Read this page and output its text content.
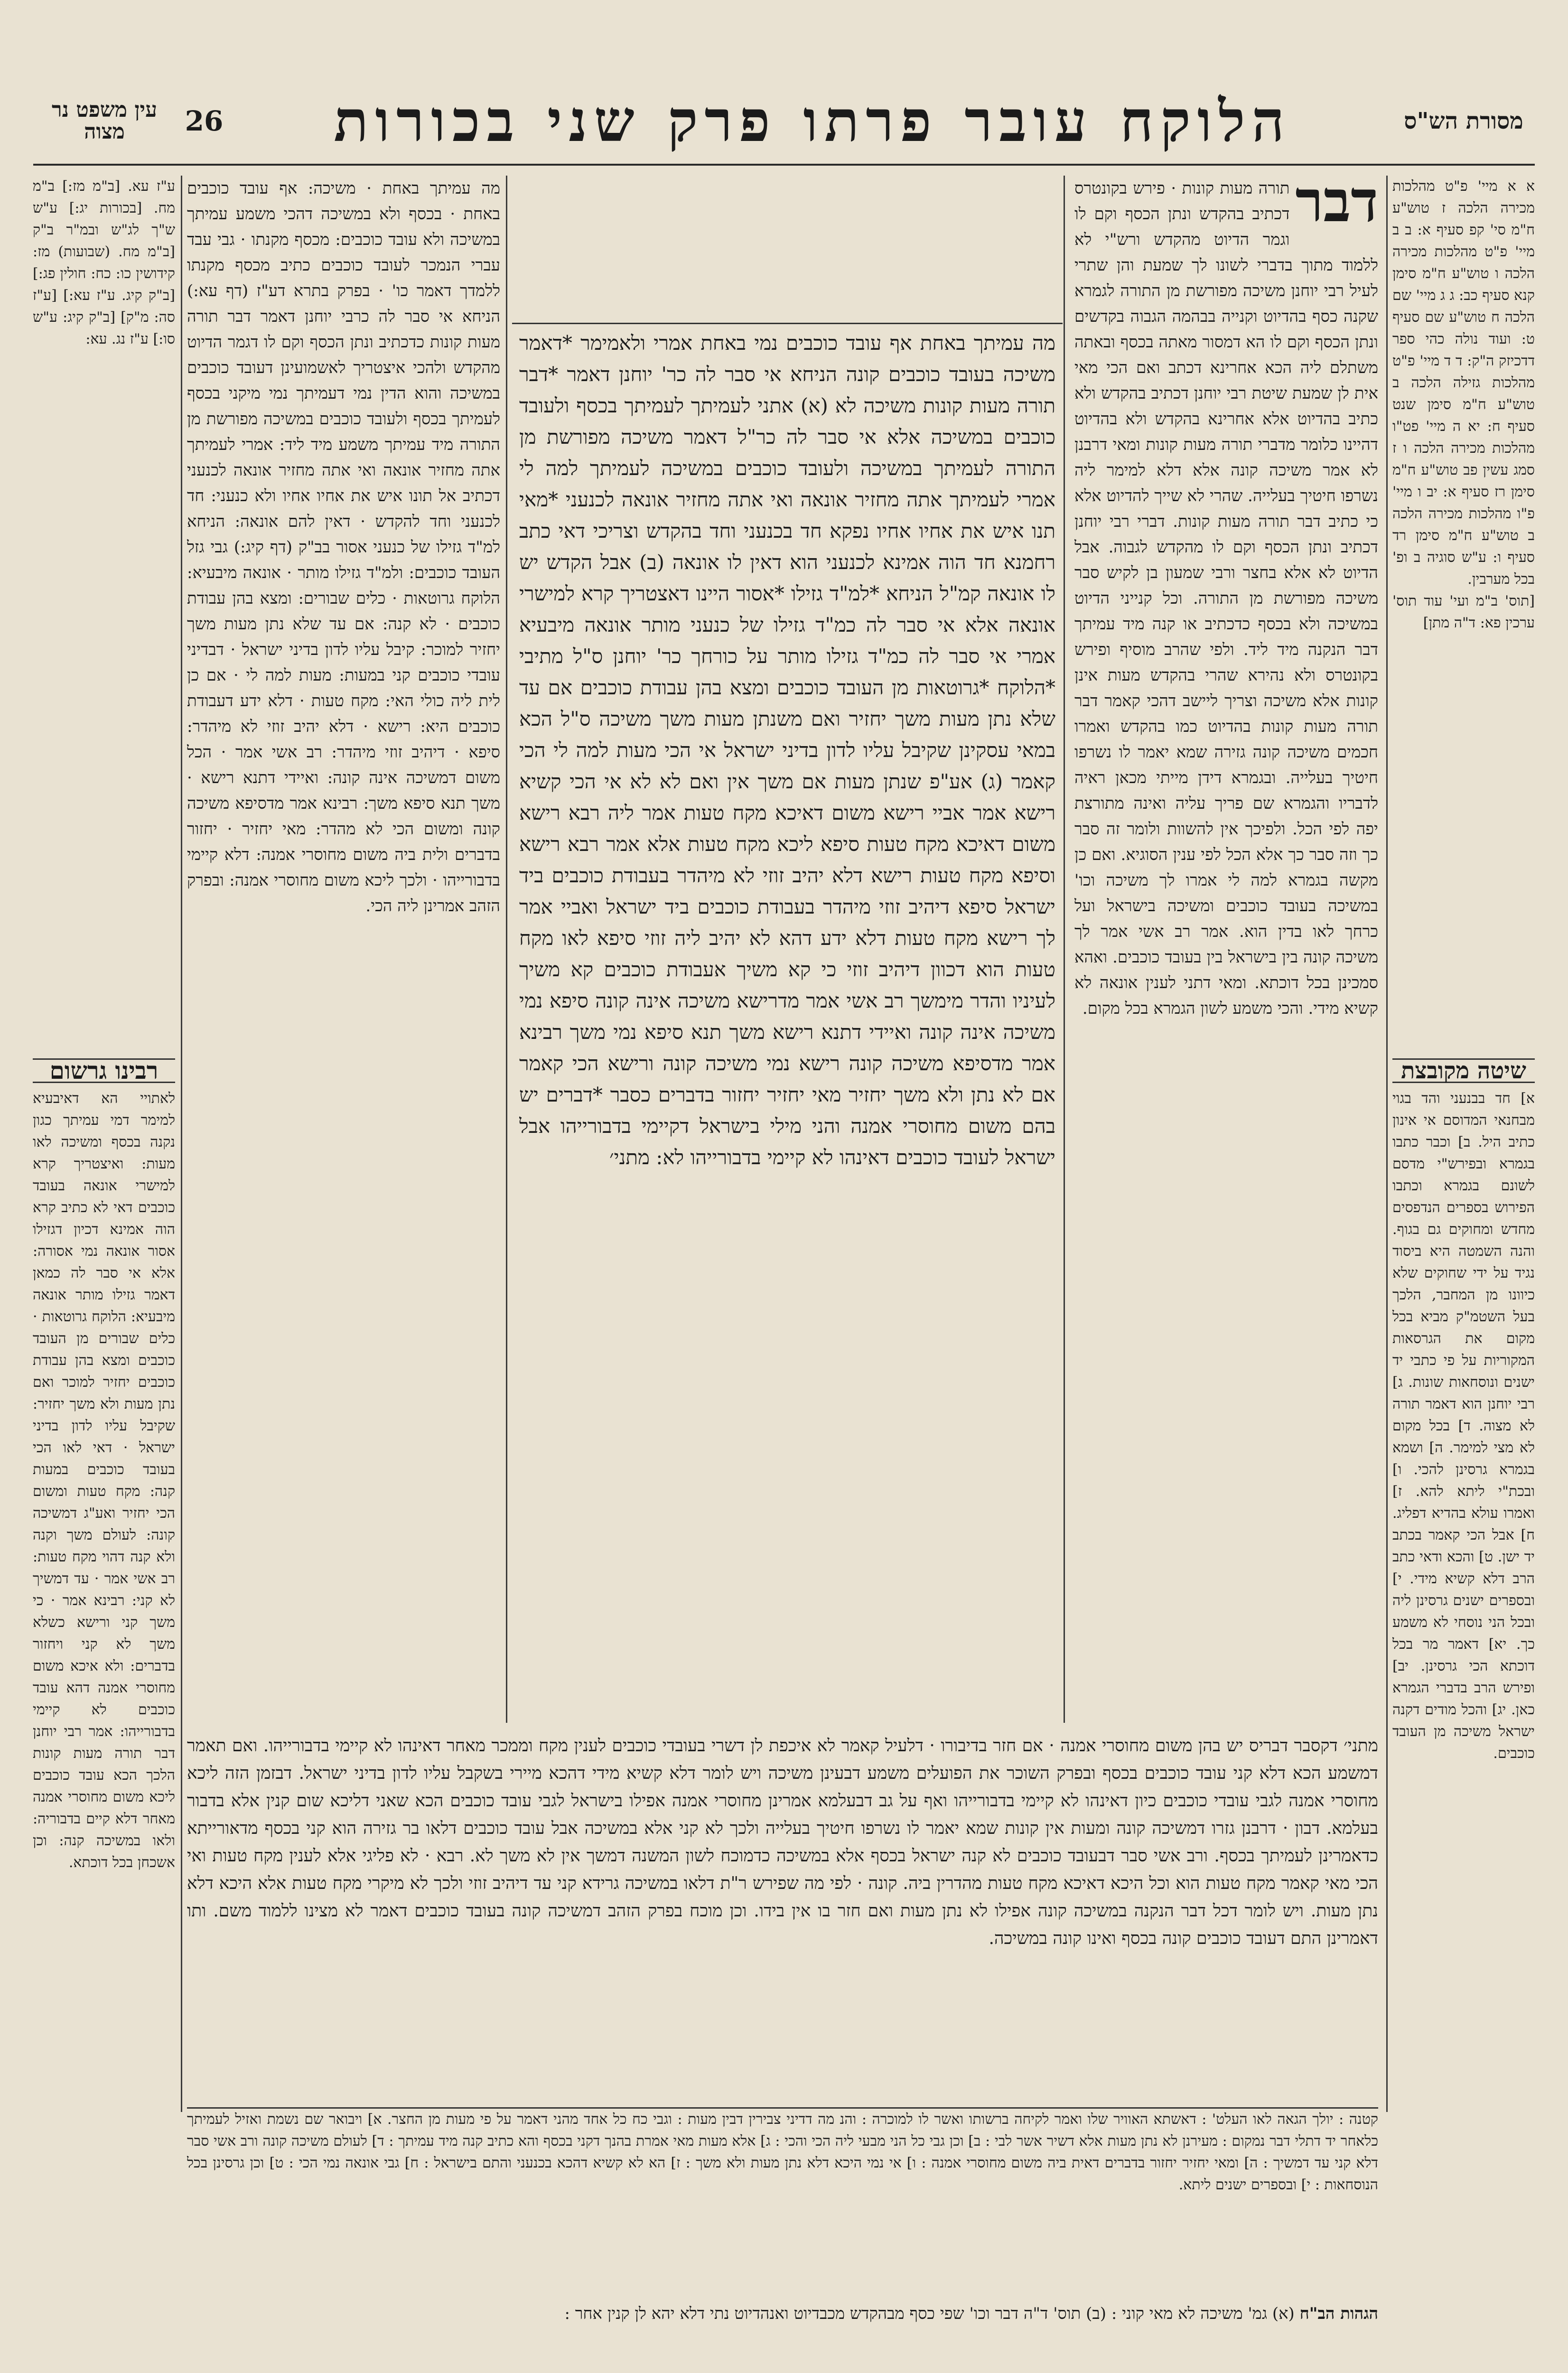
מסורת הש"ס
הלוקח עובר פרתו פרק שני בכורות
26
עין משפט נר מצוה
א א מיי' פ"ט מהלכות מכירה הלכה ז טוש"ע ח"מ סי' קפ סעיף א: ב ב מיי' פ"ט מהלכות מכירה הלכה ו טוש"ע ח"מ סימן קנא סעיף כב: ג ג מיי' שם הלכה ח טוש"ע שם סעיף ט: ועוד נולה כהי ספר דדכיזק ה"ק: ד ד מיי' פ"ט מהלכות גזילה הלכה ב טוש"ע ח"מ סימן שנט סעיף ח: יא ה מיי' פט"ו מהלכות מכירה הלכה ו ז סמג עשין פב טוש"ע ח"מ סימן רז סעיף א: יב ו מיי' פ"ו מהלכות מכירה הלכה ב טוש"ע ח"מ סימן רד סעיף ו: ע"ש סוגיה ב ופ' בכל מערבין.
[תוס' ב"מ ועי' עוד תוס' ערכין פא: ד"ה מתן]
שיטה מקובצת
א] חד בבנעני והד בגוי מבחנאי המדוסם אי אינון כתיב היל. ב] וכבר כתבו בגמרא ובפירש"י מדסם לשונם בגמרא וכתבו הפירוש בספרים הנדפסים מחדש ומחוקים גם בגוף. והנה השמטה היא ביסוד נגיד על ידי שחוקים שלא כיוונו מן המחבר, הלכך בעל השטמ"ק מביא בכל מקום את הגרסאות המקוריות על פי כתבי יד ישנים ונוסחאות שונות. ג] רבי יוחנן הוא דאמר תורה לא מצוה. ד] בכל מקום לא מצי למימר. ה] ושמא בגמרא גרסינן להכי. ו] ובכת"י ליתא להא. ז] ואמרו עולא בהדיא דפליג. ח] אבל הכי קאמר בכתב יד ישן. ט] והכא ודאי כתב הרב דלא קשיא מידי. י] ובספרים ישנים גרסינן ליה ובכל הני נוסחי לא משמע כך. יא] דאמר מר בכל דוכתא הכי גרסינן. יב] ופירש הרב בדברי הגמרא כאן. יג] והכל מודים דקנה ישראל משיכה מן העובד כוכבים.
דבר
תורה מעות קונות · פירש בקונטרס דכתיב בהקדש ונתן הכסף וקם לו וגמר הדיוט מהקדש ורש"י לא ללמוד מתוך בדברי לשונו לך שמעת והן שתרי לעיל רבי יוחנן משיכה מפורשת מן התורה לגמרא שקנה כסף בהדיוט וקנייה בבהמה הגבוה בקדשים ונתן הכסף וקם לו הא דמסור מאתה בכסף ובאתה משתלם ליה הכא אחרינא דכתב ואם הכי מאי אית לן שמעת שיטת רבי יוחנן דכתיב בהקדש ולא כתיב בהדיוט אלא אחרינא בהקדש ולא בהדיוט דהיינו כלומר מדברי תורה מעות קונות ומאי דרבנן לא אמר משיכה קונה אלא דלא למימר ליה נשרפו חיטיך בעלייה. שהרי לא שייך להדיוט אלא כי כתיב דבר תורה מעות קונות. דברי רבי יוחנן דכתיב ונתן הכסף וקם לו מהקדש לגבוה. אבל הדיוט לא אלא בחצר ורבי שמעון בן לקיש סבר משיכה מפורשת מן התורה. וכל קנייני הדיוט במשיכה ולא בכסף כדכתיב או קנה מיד עמיתך דבר הנקנה מיד ליד. ולפי שהרב מוסיף ופירש בקונטרס ולא נהירא שהרי בהקדש מעות אינן קונות אלא משיכה וצריך ליישב דהכי קאמר דבר תורה מעות קונות בהדיוט כמו בהקדש ואמרו חכמים משיכה קונה גזירה שמא יאמר לו נשרפו חיטיך בעלייה. ובגמרא דידן מייתי מכאן ראיה לדבריו והגמרא שם פריך עליה ואינה מתורצת יפה לפי הכל. ולפיכך אין להשוות ולומר זה סבר כך וזה סבר כך אלא הכל לפי ענין הסוגיא. ואם כן מקשה בגמרא למה לי אמרו לך משיכה וכו' במשיכה בעובד כוכבים ומשיכה בישראל ועל כרחך לאו בדין הוא. אמר רב אשי אמר לך משיכה קונה בין בישראל בין בעובד כוכבים. ואהא סמכינן בכל דוכתא. ומאי דתני לענין אונאה לא קשיא מידי. והכי משמע לשון הגמרא בכל מקום.
מה עמיתך באחת אף עובד כוכבים נמי באחת אמרי ולאמימר *דאמר משיכה בעובד כוכבים קונה הניחא אי סבר לה כר' יוחנן דאמר *דבר תורה מעות קונות משיכה לא (א) אתני לעמיתך לעמיתך בכסף ולעובד כוכבים במשיכה אלא אי סבר לה כר"ל דאמר משיכה מפורשת מן התורה לעמיתך במשיכה ולעובד כוכבים במשיכה לעמיתך למה לי אמרי לעמיתך אתה מחזיר אונאה ואי אתה מחזיר אונאה לכנעני *מאי תנו איש את אחיו אחיו נפקא חד בכנעני וחד בהקדש וצריכי דאי כתב רחמנא חד הוה אמינא לכנעני הוא דאין לו אונאה (ב) אבל הקדש יש לו אונאה קמ"ל הניחא *למ"ד גזילו *אסור היינו דאצטריך קרא למישרי אונאה אלא אי סבר לה כמ"ד גזילו של כנעני מותר אונאה מיבעיא אמרי אי סבר לה כמ"ד גזילו מותר על כורחך כר' יוחנן ס"ל מתיבי *הלוקח *גרוטאות מן העובד כוכבים ומצא בהן עבודת כוכבים אם עד שלא נתן מעות משך יחזיר ואם משנתן מעות משך משיכה ס"ל הכא במאי עסקינן שקיבל עליו לדון בדיני ישראל אי הכי מעות למה לי הכי קאמר (ג) אע"פ שנתן מעות אם משך אין ואם לא לא אי הכי קשיא רישא אמר אביי רישא משום דאיכא מקח טעות אמר ליה רבא רישא משום דאיכא מקח טעות סיפא ליכא מקח טעות אלא אמר רבא רישא וסיפא מקח טעות רישא דלא יהיב זוזי לא מיהדר בעבודת כוכבים ביד ישראל סיפא דיהיב זוזי מיהדר בעבודת כוכבים ביד ישראל ואביי אמר לך רישא מקח טעות דלא ידע דהא לא יהיב ליה זוזי סיפא לאו מקח טעות הוא דכוון דיהיב זוזי כי קא משיך אעבודת כוכבים קא משיך לעיניו והדר מימשך רב אשי אמר מדרישא משיכה אינה קונה סיפא נמי משיכה אינה קונה ואיידי דתנא רישא משך תנא סיפא נמי משך רבינא אמר מדסיפא משיכה קונה רישא נמי משיכה קונה ורישא הכי קאמר אם לא נתן ולא משך יחזיר מאי יחזיר יחזור בדברים כסבר *דברים יש בהם משום מחוסרי אמנה והני מילי בישראל דקיימי בדבורייהו אבל ישראל לעובד כוכבים דאינהו לא קיימי בדבורייהו לא: מתני׳
מה עמיתך באחת · משיכה: אף עובד כוכבים באחת · בכסף ולא במשיכה דהכי משמע עמיתך במשיכה ולא עובד כוכבים: מכסף מקנתו · גבי עבד עברי הנמכר לעובד כוכבים כתיב מכסף מקנתו ללמדך דאמר כו' · בפרק בתרא דע"ז (דף עא:) הניחא אי סבר לה כרבי יוחנן דאמר דבר תורה מעות קונות כדכתיב ונתן הכסף וקם לו דגמר הדיוט מהקדש ולהכי איצטריך לאשמועינן דעובד כוכבים במשיכה והוא הדין נמי דעמיתך נמי מיקני בכסף לעמיתך בכסף ולעובד כוכבים במשיכה מפורשת מן התורה מיד עמיתך משמע מיד ליד: אמרי לעמיתך אתה מחזיר אונאה ואי אתה מחזיר אונאה לכנעני דכתיב אל תונו איש את אחיו אחיו ולא כנעני: חד לכנעני וחד להקדש · דאין להם אונאה: הניחא למ"ד גזילו של כנעני אסור בב"ק (דף קיג:) גבי גזל העובד כוכבים: ולמ"ד גזילו מותר · אונאה מיבעיא: הלוקח גרוטאות · כלים שבורים: ומצא בהן עבודת כוכבים · לא קנה: אם עד שלא נתן מעות משך יחזיר למוכר: קיבל עליו לדון בדיני ישראל · דבדיני עובדי כוכבים קני במעות: מעות למה לי · אם כן לית ליה כולי האי: מקח טעות · דלא ידע דעבודת כוכבים היא: רישא · דלא יהיב זוזי לא מיהדר: סיפא · דיהיב זוזי מיהדר: רב אשי אמר · הכל משום דמשיכה אינה קונה: ואיידי דתנא רישא · משך תנא סיפא משך: רבינא אמר מדסיפא משיכה קונה ומשום הכי לא מהדר: מאי יחזיר · יחזור בדברים ולית ביה משום מחוסרי אמנה: דלא קיימי בדבורייהו · ולכך ליכא משום מחוסרי אמנה: ובפרק הזהב אמרינן ליה הכי.
ע"ז עא. [ב"מ מז:] ב"מ מח. [בכורות יג:] ע"ש ש"ך לג"ש ובמ"ר ב"ק [ב"מ מח. (שבועות) מז: קידושין כו: כח: חולין פג:] [ב"ק קיג. ע"ז עא:] [ע"ז סה: מ"ק] [ב"ק קיג: ע"ש סו:] ע"ז נג. עא:
רבינו גרשום
לאתויי הא דאיבעיא למימר דמי עמיתך כגון נקנה בכסף ומשיכה לאו מעות: ואיצטריך קרא למישרי אונאה בעובד כוכבים דאי לא כתיב קרא הוה אמינא דכיון דגזילו אסור אונאה נמי אסורה: אלא אי סבר לה כמאן דאמר גזילו מותר אונאה מיבעיא: הלוקח גרוטאות · כלים שבורים מן העובד כוכבים ומצא בהן עבודת כוכבים יחזיר למוכר ואם נתן מעות ולא משך יחזיר: שקיבל עליו לדון בדיני ישראל · דאי לאו הכי בעובד כוכבים במעות קנה: מקח טעות ומשום הכי יחזיר ואע"ג דמשיכה קונה: לעולם משך וקנה ולא קנה דהוי מקח טעות: רב אשי אמר · עד דמשיך לא קני: רבינא אמר · כי משך קני ורישא כשלא משך לא קני ויחזור בדברים: ולא איכא משום מחוסרי אמנה דהא עובד כוכבים לא קיימי בדבורייהו: אמר רבי יוחנן דבר תורה מעות קונות הלכך הכא עובד כוכבים ליכא משום מחוסרי אמנה מאחר דלא קיים בדבוריה: ולאו במשיכה קנה: וכן אשכחן בכל דוכתא.
מתני׳ דקסבר דבריס יש בהן משום מחוסרי אמנה · אם חזר בדיבורו · דלעיל קאמר לא איכפת לן דשרי בעובדי כוכבים לענין מקח וממכר מאחר דאינהו לא קיימי בדבורייהו. ואם תאמר דמשמע הכא דלא קני עובד כוכבים בכסף ובפרק השוכר את הפועלים משמע דבעינן משיכה ויש לומר דלא קשיא מידי דהכא מיירי בשקבל עליו לדון בדיני ישראל. דבזמן הזה ליכא מחוסרי אמנה לגבי עובדי כוכבים כיון דאינהו לא קיימי בדבורייהו ואף על גב דבעלמא אמרינן מחוסרי אמנה אפילו בישראל לגבי עובד כוכבים הכא שאני דליכא שום קנין אלא בדבור בעלמא. דבון · דרבנן גזרו דמשיכה קונה ומעות אין קונות שמא יאמר לו נשרפו חיטיך בעלייה ולכך לא קני אלא במשיכה אבל עובד כוכבים דלאו בר גזירה הוא קני בכסף מדאורייתא כדאמרינן לעמיתך בכסף. ורב אשי סבר דבעובד כוכבים לא קנה ישראל בכסף אלא במשיכה כדמוכח לשון המשנה דמשך אין לא משך לא. רבא · לא פליגי אלא לענין מקח טעות ואי הכי מאי קאמר מקח טעות הוא וכל היכא דאיכא מקח טעות מהדרין ביה. קונה · לפי מה שפירש ר"ת דלאו במשיכה גרידא קני עד דיהיב זוזי ולכך לא מיקרי מקח טעות אלא היכא דלא נתן מעות. ויש לומר דכל דבר הנקנה במשיכה קונה אפילו לא נתן מעות ואם חזר בו אין בידו. וכן מוכח בפרק הזהב דמשיכה קונה בעובד כוכבים דאמר לא מצינו ללמוד משם. ותו דאמרינן התם דעובד כוכבים קונה בכסף ואינו קונה במשיכה.
קטנה : יולך הגאה לאו העלט' : דאשתא האוויר שלו ואמר לקיחה ברשותו ואשר לו למוכרה : והנ מה דדיני צבירין דבין מעות : וגבי כח כל אחד מהני דאמר על פי מעות מן החצר. א] ויבואר שם נשמת ואזיל לעמיתך כלאחר יד דתלי דבר נמקום : מעירנן לא נתן מעות אלא דשיר אשר לבי : ב] וכן גבי כל הני מבעי ליה הכי והכי : ג] אלא מעות מאי אמרת בהנך דקני בכסף והא כתיב קנה מיד עמיתך : ד] לעולם משיכה קונה ורב אשי סבר דלא קני עד דמשיך : ה] ומאי יחזיר יחזור בדברים דאית ביה משום מחוסרי אמנה : ו] אי נמי היכא דלא נתן מעות ולא משך : ז] הא לא קשיא דהכא בכנעני והתם בישראל : ח] גבי אונאה נמי הכי : ט] וכן גרסינן בכל הנוסחאות : י] ובספרים ישנים ליתא.
הגהות הב"ח (א) גמ' משיכה לא מאי קוני : (ב) תוס' ד"ה דבר וכו' שפי כסף מבהקדש מכבדיוט ואנהדיוט נתי דלא יהא לן קנין אחר :
